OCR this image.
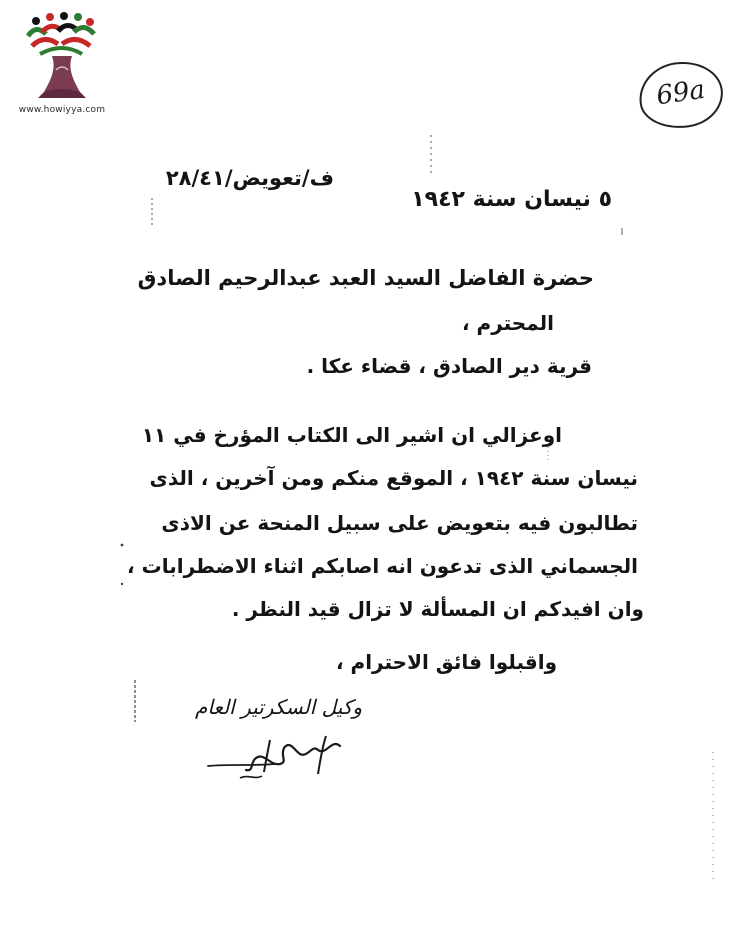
www.howiyya.com	69a
ف/تعويض/٢٨/٤١
٥ نيسان سنة ١٩٤٢
حضرة الفاضل السيد العبد عبدالرحيم الصادق
المحترم ،
قرية دير الصادق ، قضاء عكا .
اوعزالي ان اشير الى الكتاب المؤرخ في ١١
نيسان سنة ١٩٤٢ ، الموقع منكم ومن آخرين ، الذى
تطالبون فيه بتعويض على سبيل المنحة عن الاذى
الجسماني الذى تدعون انه اصابكم اثناء الاضطرابات ،
وان افيدكم ان المسألة لا تزال قيد النظر .
واقبلوا فائق الاحترام ،
وكيل السكرتير العام
